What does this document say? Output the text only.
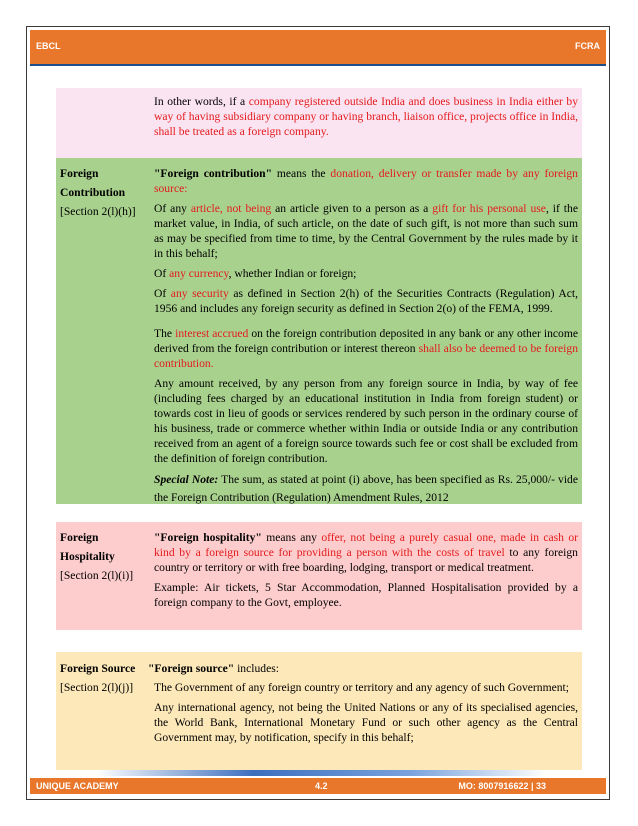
EBCL	FCRA

In other words, if a company registered outside India and does business in India either by way of having subsidiary company or having branch, liaison office, projects office in India, shall be treated as a foreign company.

Foreign
Contribution
[Section 2(l)(h)]

"Foreign contribution" means the donation, delivery or transfer made by any foreign source:

Of any article, not being an article given to a person as a gift for his personal use, if the market value, in India, of such article, on the date of such gift, is not more than such sum as may be specified from time to time, by the Central Government by the rules made by it in this behalf;

Of any currency, whether Indian or foreign;

Of any security as defined in Section 2(h) of the Securities Contracts (Regulation) Act, 1956 and includes any foreign security as defined in Section 2(o) of the FEMA, 1999.

The interest accrued on the foreign contribution deposited in any bank or any other income derived from the foreign contribution or interest thereon shall also be deemed to be foreign contribution.

Any amount received, by any person from any foreign source in India, by way of fee (including fees charged by an educational institution in India from foreign student) or towards cost in lieu of goods or services rendered by such person in the ordinary course of his business, trade or commerce whether within India or outside India or any contribution received from an agent of a foreign source towards such fee or cost shall be excluded from the definition of foreign contribution.

Special Note: The sum, as stated at point (i) above, has been specified as Rs. 25,000/- vide the Foreign Contribution (Regulation) Amendment Rules, 2012

Foreign
Hospitality
[Section 2(l)(i)]

"Foreign hospitality" means any offer, not being a purely casual one, made in cash or kind by a foreign source for providing a person with the costs of travel to any foreign country or territory or with free boarding, lodging, transport or medical treatment.

Example: Air tickets, 5 Star Accommodation, Planned Hospitalisation provided by a foreign company to the Govt, employee.

Foreign Source
[Section 2(l)(j)]

"Foreign source" includes:

The Government of any foreign country or territory and any agency of such Government;

Any international agency, not being the United Nations or any of its specialised agencies, the World Bank, International Monetary Fund or such other agency as the Central Government may, by notification, specify in this behalf;

UNIQUE ACADEMY	4.2	MO: 8007916622 | 33
